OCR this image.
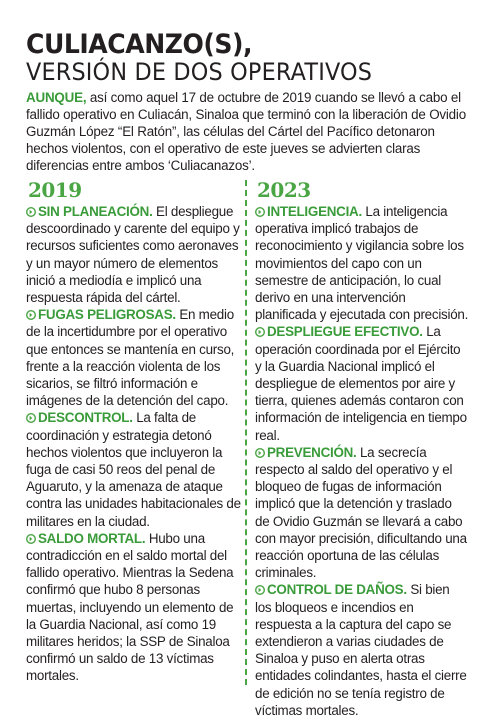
CULIACANZO(S),
VERSIÓN DE DOS OPERATIVOS

AUNQUE, así como aquel 17 de octubre de 2019 cuando se llevó a cabo el fallido operativo en Culiacán, Sinaloa que terminó con la liberación de Ovidio Guzmán López “El Ratón”, las células del Cártel del Pacífico detonaron hechos violentos, con el operativo de este jueves se advierten claras diferencias entre ambos ‘Culiacanazos’.

2019

SIN PLANEACIÓN. El despliegue descoordinado y carente del equipo y recursos suficientes como aeronaves y un mayor número de elementos inició a mediodía e implicó una respuesta rápida del cártel.

FUGAS PELIGROSAS. En medio de la incertidumbre por el operativo que entonces se mantenía en curso, frente a la reacción violenta de los sicarios, se filtró información e imágenes de la detención del capo.

DESCONTROL. La falta de coordinación y estrategia detonó hechos violentos que incluyeron la fuga de casi 50 reos del penal de Aguaruto, y la amenaza de ataque contra las unidades habitacionales de militares en la ciudad.

SALDO MORTAL. Hubo una contradicción en el saldo mortal del fallido operativo. Mientras la Sedena confirmó que hubo 8 personas muertas, incluyendo un elemento de la Guardia Nacional, así como 19 militares heridos; la SSP de Sinaloa confirmó un saldo de 13 víctimas mortales.

2023

INTELIGENCIA. La inteligencia operativa implicó trabajos de reconocimiento y vigilancia sobre los movimientos del capo con un semestre de anticipación, lo cual derivo en una intervención planificada y ejecutada con precisión.

DESPLIEGUE EFECTIVO. La operación coordinada por el Ejército y la Guardia Nacional implicó el despliegue de elementos por aire y tierra, quienes además contaron con información de inteligencia en tiempo real.

PREVENCIÓN. La secrecía respecto al saldo del operativo y el bloqueo de fugas de información implicó que la detención y traslado de Ovidio Guzmán se llevará a cabo con mayor precisión, dificultando una reacción oportuna de las células criminales.

CONTROL DE DAÑOS. Si bien los bloqueos e incendios en respuesta a la captura del capo se extendieron a varias ciudades de Sinaloa y puso en alerta otras entidades colindantes, hasta el cierre de edición no se tenía registro de víctimas mortales.
